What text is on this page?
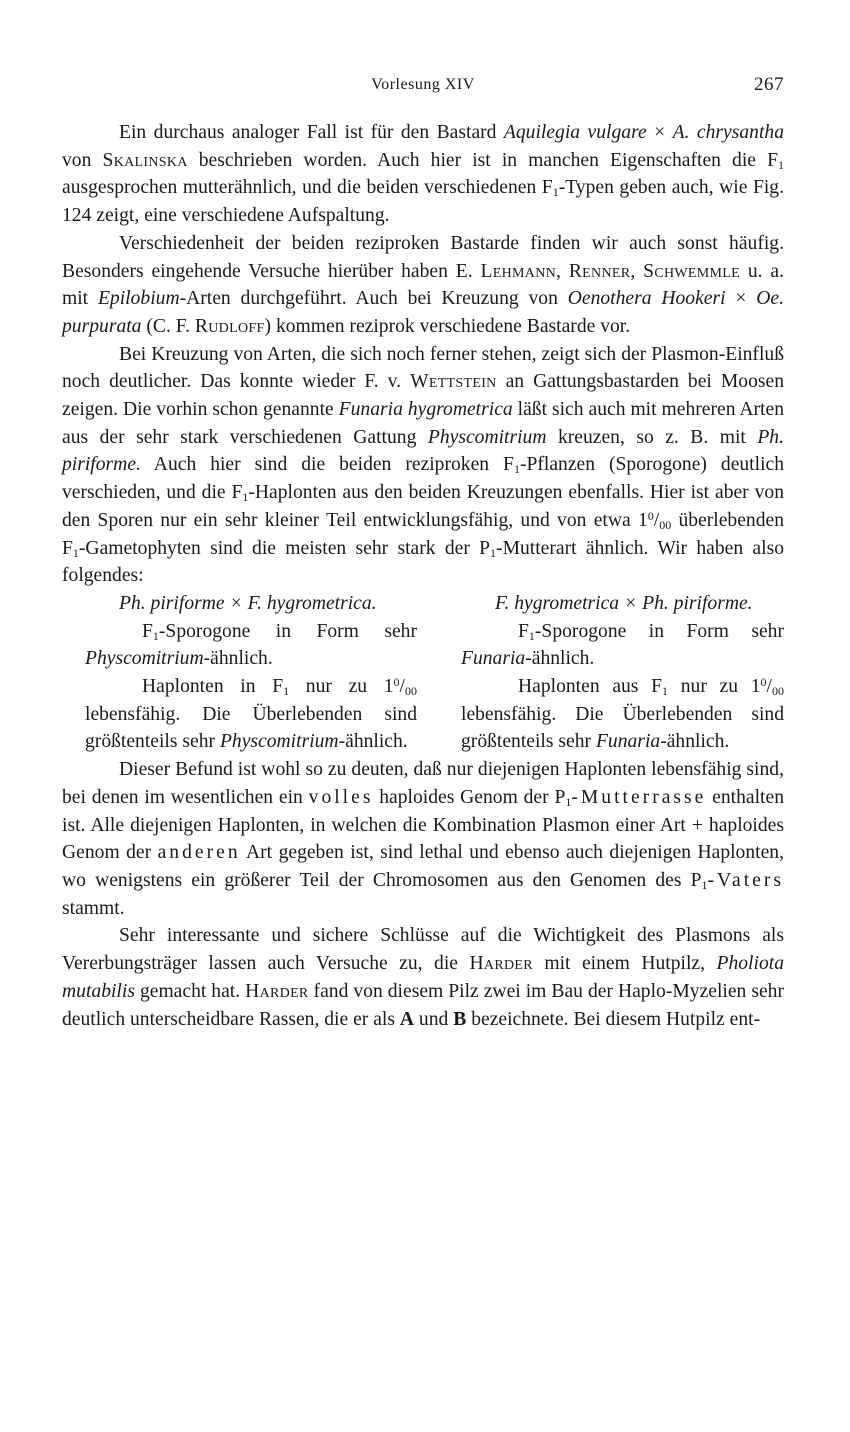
Vorlesung XIV	267

Ein durchaus analoger Fall ist für den Bastard Aquilegia vulgare × A. chrysantha von Skalinska beschrieben worden. Auch hier ist in manchen Eigenschaften die $F_1$ ausgesprochen mutterähnlich, und die beiden verschiedenen $F_1$-Typen geben auch, wie Fig. 124 zeigt, eine verschiedene Aufspaltung.

Verschiedenheit der beiden reziproken Bastarde finden wir auch sonst häufig. Besonders eingehende Versuche hierüber haben E. Lehmann, Renner, Schwemmle u. a. mit Epilobium-Arten durchgeführt. Auch bei Kreuzung von Oenothera Hookeri × Oe. purpurata (C. F. Rudloff) kommen reziprok verschiedene Bastarde vor.

Bei Kreuzung von Arten, die sich noch ferner stehen, zeigt sich der Plasmon-Einfluß noch deutlicher. Das konnte wieder F. v. Wettstein an Gattungsbastarden bei Moosen zeigen. Die vorhin schon genannte Funaria hygrometrica läßt sich auch mit mehreren Arten aus der sehr stark verschiedenen Gattung Physcomitrium kreuzen, so z. B. mit Ph. piriforme. Auch hier sind die beiden reziproken $F_1$-Pflanzen (Sporogone) deutlich verschieden, und die $F_1$-Haplonten aus den beiden Kreuzungen ebenfalls. Hier ist aber von den Sporen nur ein sehr kleiner Teil entwicklungsfähig, und von etwa $1^0/_{00}$ überlebenden $F_1$-Gametophyten sind die meisten sehr stark der $P_1$-Mutterart ähnlich. Wir haben also folgendes:

Ph. piriforme × F. hygrometrica.

$F_1$-Sporogone in Form sehr Physcomitrium-ähnlich.

Haplonten in $F_1$ nur zu $1^0/_{00}$ lebensfähig. Die Überlebenden sind größtenteils sehr Physcomitrium-ähnlich.

F. hygrometrica × Ph. piriforme.

$F_1$-Sporogone in Form sehr Funaria-ähnlich.

Haplonten aus $F_1$ nur zu $1^0/_{00}$ lebensfähig. Die Überlebenden sind größtenteils sehr Funaria-ähnlich.

Dieser Befund ist wohl so zu deuten, daß nur diejenigen Haplonten lebensfähig sind, bei denen im wesentlichen ein volles haploides Genom der $P_1$-Mutterrasse enthalten ist. Alle diejenigen Haplonten, in welchen die Kombination Plasmon einer Art + haploides Genom der anderen Art gegeben ist, sind lethal und ebenso auch diejenigen Haplonten, wo wenigstens ein größerer Teil der Chromosomen aus den Genomen des $P_1$-Vaters stammt.

Sehr interessante und sichere Schlüsse auf die Wichtigkeit des Plasmons als Vererbungsträger lassen auch Versuche zu, die Harder mit einem Hutpilz, Pholiota mutabilis gemacht hat. Harder fand von diesem Pilz zwei im Bau der Haplo-Myzelien sehr deutlich unterscheidbare Rassen, die er als A und B bezeichnete. Bei diesem Hutpilz ent-
